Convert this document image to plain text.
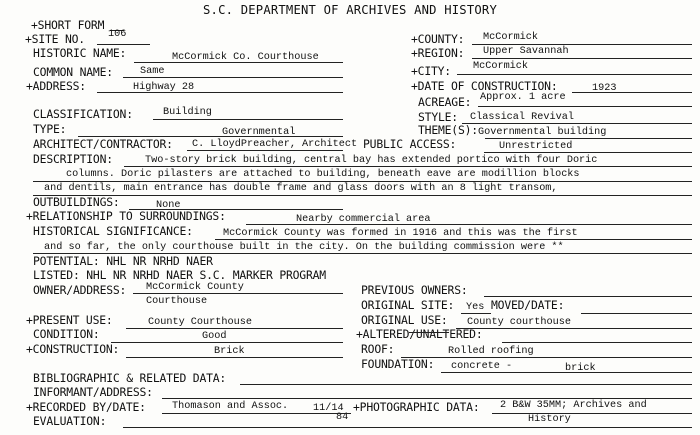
S.C. DEPARTMENT OF ARCHIVES AND HISTORY
+SHORT FORM
+SITE NO. 106
HISTORIC NAME:	McCormick Co. Courthouse
COMMON NAME:	Same
+ADDRESS:	Highway 28
+COUNTY: McCormick
+REGION: Upper Savannah
+CITY: McCormick
+DATE OF CONSTRUCTION:	1923
ACREAGE: Approx. 1 acre
CLASSIFICATION:	Building
TYPE:	Governmental
ARCHITECT/CONTRACTOR: C. LloydPreacher, Architect
STYLE: Classical Revival
THEME(S): Governmental building
PUBLIC ACCESS:	Unrestricted
DESCRIPTION:	Two-story brick building, central bay has extended portico with four Doric
columns. Doric pilasters are attached to building, beneath eave are modillion blocks
and dentils, main entrance has double frame and glass doors with an 8 light transom,
OUTBUILDINGS:	None
+RELATIONSHIP TO SURROUNDINGS:	Nearby commercial area
HISTORICAL SIGNIFICANCE:	McCormick County was formed in 1916 and this was the first
and so far, the only courthouse built in the city. On the building commission were **
POTENTIAL: NHL NR NRHD NAER
LISTED: NHL NR NRHD NAER S.C. MARKER PROGRAM
OWNER/ADDRESS: McCormick County
Courthouse
PREVIOUS OWNERS:
ORIGINAL SITE: Yes MOVED/DATE:
+PRESENT USE:	County Courthouse	ORIGINAL USE: County courthouse
CONDITION:	Good	+ALTERED/UNALTERED:
+CONSTRUCTION:	Brick	ROOF:	Rolled roofing
FOUNDATION: concrete -	brick
BIBLIOGRAPHIC & RELATED DATA:
INFORMANT/ADDRESS:
+RECORDED BY/DATE:	Thomason and Assoc. 11/14
84
+PHOTOGRAPHIC DATA: 2 B&W 35MM; Archives and
History
EVALUATION:
